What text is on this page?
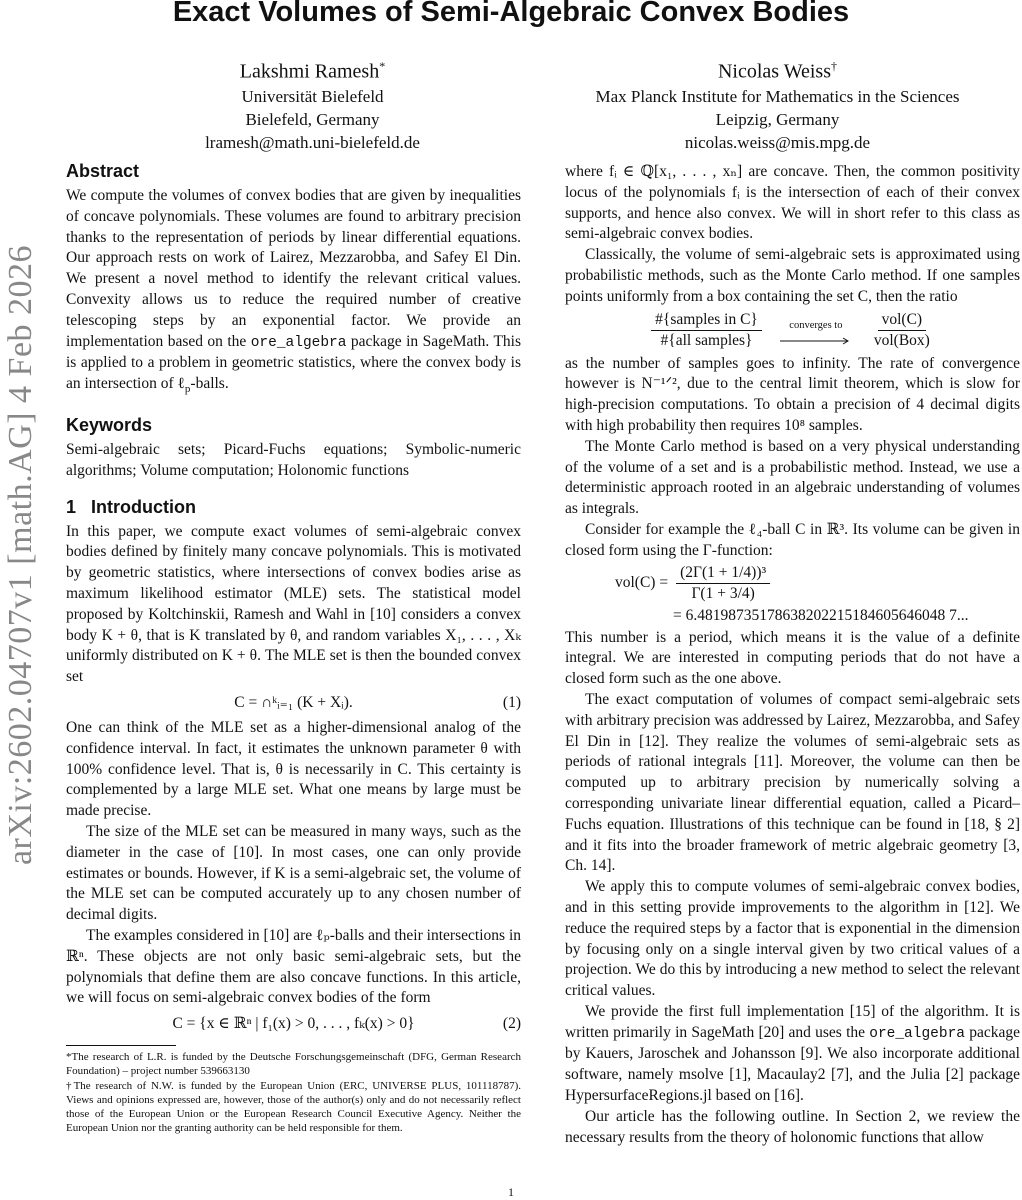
arXiv:2602.04707v1 [math.AG] 4 Feb 2026
Exact Volumes of Semi-Algebraic Convex Bodies
Lakshmi Ramesh*
Universität Bielefeld
Bielefeld, Germany
lramesh@math.uni-bielefeld.de
Nicolas Weiss†
Max Planck Institute for Mathematics in the Sciences
Leipzig, Germany
nicolas.weiss@mis.mpg.de
Abstract

We compute the volumes of convex bodies that are given by inequalities of concave polynomials. These volumes are found to arbitrary precision thanks to the representation of periods by linear differential equations. Our approach rests on work of Lairez, Mezzarobba, and Safey El Din. We present a novel method to identify the relevant critical values. Convexity allows us to reduce the required number of creative telescoping steps by an exponential factor. We provide an implementation based on the ore_algebra package in SageMath. This is applied to a problem in geometric statistics, where the convex body is an intersection of ℓ$_p$-balls.

Keywords

Semi-algebraic sets; Picard-Fuchs equations; Symbolic-numeric algorithms; Volume computation; Holonomic functions

1 Introduction

In this paper, we compute exact volumes of semi-algebraic convex bodies defined by finitely many concave polynomials. This is motivated by geometric statistics, where intersections of convex bodies arise as maximum likelihood estimator (MLE) sets. The statistical model proposed by Koltchinskii, Ramesh and Wahl in [10] considers a convex body K + θ, that is K translated by θ, and random variables X₁, . . . , Xₖ uniformly distributed on K + θ. The MLE set is then the bounded convex set

C = ∩ᵏᵢ₌₁ (K + Xᵢ).	(1)

One can think of the MLE set as a higher-dimensional analog of the confidence interval. In fact, it estimates the unknown parameter θ with 100% confidence level. That is, θ is necessarily in C. This certainty is complemented by a large MLE set. What one means by large must be made precise.

The size of the MLE set can be measured in many ways, such as the diameter in the case of [10]. In most cases, one can only provide estimates or bounds. However, if K is a semi-algebraic set, the volume of the MLE set can be computed accurately up to any chosen number of decimal digits.

The examples considered in [10] are ℓₚ-balls and their intersections in ℝⁿ. These objects are not only basic semi-algebraic sets, but the polynomials that define them are also concave functions. In this article, we will focus on semi-algebraic convex bodies of the form

C = {x ∈ ℝⁿ | f₁(x) > 0, . . . , fₖ(x) > 0}	(2)

*The research of L.R. is funded by the Deutsche Forschungsgemeinschaft (DFG, German Research Foundation) – project number 539663130

†The research of N.W. is funded by the European Union (ERC, UNIVERSE PLUS, 101118787). Views and opinions expressed are, however, those of the author(s) only and do not necessarily reflect those of the European Union or the European Research Council Executive Agency. Neither the European Union nor the granting authority can be held responsible for them.

where fᵢ ∈ ℚ[x₁, . . . , xₙ] are concave. Then, the common positivity locus of the polynomials fᵢ is the intersection of each of their convex supports, and hence also convex. We will in short refer to this class as semi-algebraic convex bodies.

Classically, the volume of semi-algebraic sets is approximated using probabilistic methods, such as the Monte Carlo method. If one samples points uniformly from a box containing the set C, then the ratio

$\frac{\text{\#\{samples in C\}}}{\text{\#\{all samples\}}}$	converges to $\frac{\text{vol(C)}}{\text{vol(Box)}}$

as the number of samples goes to infinity. The rate of convergence however is N⁻¹ᐟ², due to the central limit theorem, which is slow for high-precision computations. To obtain a precision of 4 decimal digits with high probability then requires 10⁸ samples.

The Monte Carlo method is based on a very physical understanding of the volume of a set and is a probabilistic method. Instead, we use a deterministic approach rooted in an algebraic understanding of volumes as integrals.

Consider for example the ℓ₄-ball C in ℝ³. Its volume can be given in closed form using the Γ-function:

$vol(C) = \frac{\text{(2Γ(1 + 1/4))³}}{\Gamma(1 + 3/4)}$
= 6.48198735178638202215184605646048 7...

This number is a period, which means it is the value of a definite integral. We are interested in computing periods that do not have a closed form such as the one above.

The exact computation of volumes of compact semi-algebraic sets with arbitrary precision was addressed by Lairez, Mezzarobba, and Safey El Din in [12]. They realize the volumes of semi-algebraic sets as periods of rational integrals [11]. Moreover, the volume can then be computed up to arbitrary precision by numerically solving a corresponding univariate linear differential equation, called a Picard–Fuchs equation. Illustrations of this technique can be found in [18, § 2] and it fits into the broader framework of metric algebraic geometry [3, Ch. 14].

We apply this to compute volumes of semi-algebraic convex bodies, and in this setting provide improvements to the algorithm in [12]. We reduce the required steps by a factor that is exponential in the dimension by focusing only on a single interval given by two critical values of a projection. We do this by introducing a new method to select the relevant critical values.

We provide the first full implementation [15] of the algorithm. It is written primarily in SageMath [20] and uses the ore_algebra package by Kauers, Jaroschek and Johansson [9]. We also incorporate additional software, namely msolve [1], Macaulay2 [7], and the Julia [2] package HypersurfaceRegions.jl based on [16].

Our article has the following outline. In Section 2, we review the necessary results from the theory of holonomic functions that allow

1
